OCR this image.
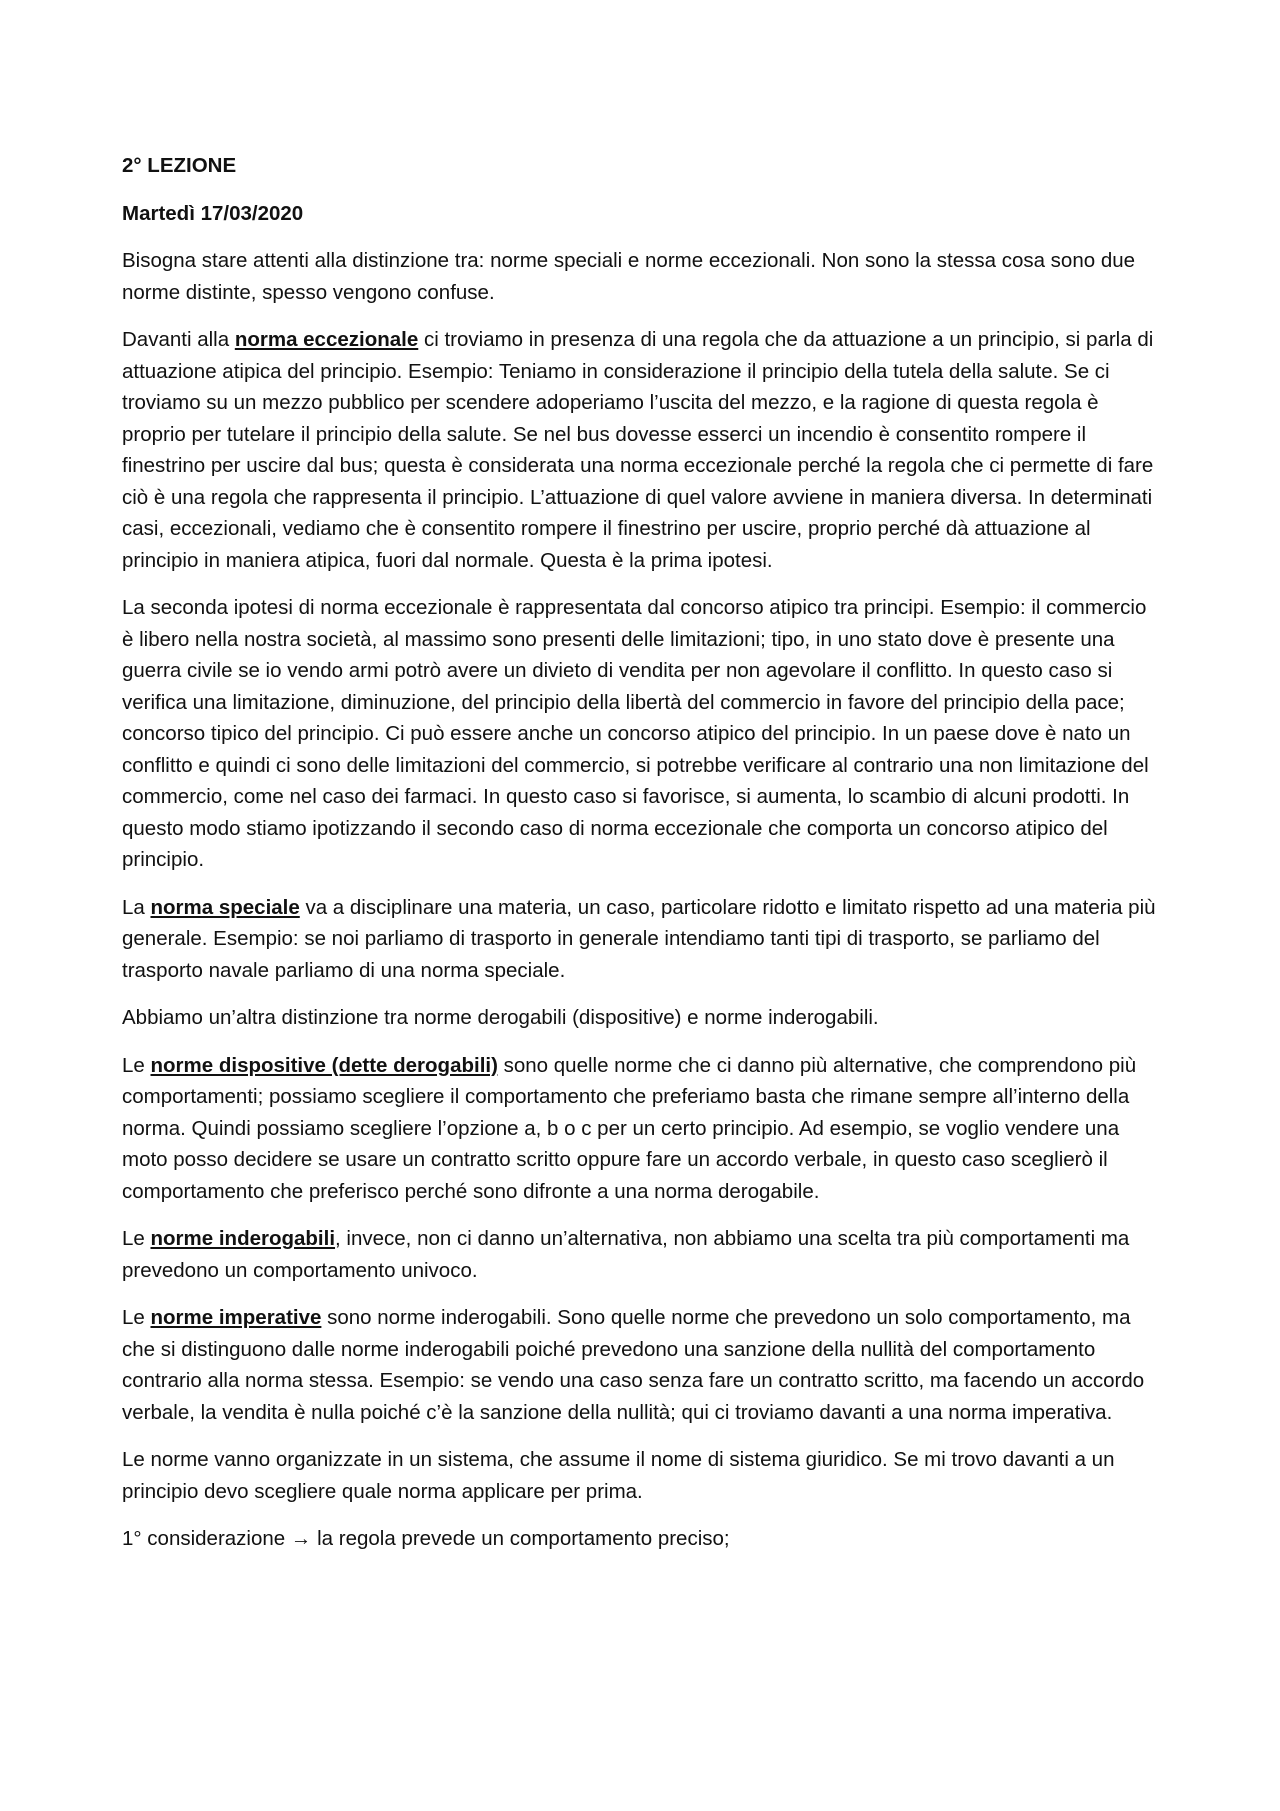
2° LEZIONE

Martedì 17/03/2020

Bisogna stare attenti alla distinzione tra: norme speciali e norme eccezionali. Non sono la stessa cosa sono due norme distinte, spesso vengono confuse.

Davanti alla norma eccezionale ci troviamo in presenza di una regola che da attuazione a un principio, si parla di attuazione atipica del principio. Esempio: Teniamo in considerazione il principio della tutela della salute. Se ci troviamo su un mezzo pubblico per scendere adoperiamo l’uscita del mezzo, e la ragione di questa regola è proprio per tutelare il principio della salute. Se nel bus dovesse esserci un incendio è consentito rompere il finestrino per uscire dal bus; questa è considerata una norma eccezionale perché la regola che ci permette di fare ciò è una regola che rappresenta il principio. L’attuazione di quel valore avviene in maniera diversa. In determinati casi, eccezionali, vediamo che è consentito rompere il finestrino per uscire, proprio perché dà attuazione al principio in maniera atipica, fuori dal normale. Questa è la prima ipotesi.

La seconda ipotesi di norma eccezionale è rappresentata dal concorso atipico tra principi. Esempio: il commercio è libero nella nostra società, al massimo sono presenti delle limitazioni; tipo, in uno stato dove è presente una guerra civile se io vendo armi potrò avere un divieto di vendita per non agevolare il conflitto. In questo caso si verifica una limitazione, diminuzione, del principio della libertà del commercio in favore del principio della pace; concorso tipico del principio. Ci può essere anche un concorso atipico del principio. In un paese dove è nato un conflitto e quindi ci sono delle limitazioni del commercio, si potrebbe verificare al contrario una non limitazione del commercio, come nel caso dei farmaci. In questo caso si favorisce, si aumenta, lo scambio di alcuni prodotti. In questo modo stiamo ipotizzando il secondo caso di norma eccezionale che comporta un concorso atipico del principio.

La norma speciale va a disciplinare una materia, un caso, particolare ridotto e limitato rispetto ad una materia più generale. Esempio: se noi parliamo di trasporto in generale intendiamo tanti tipi di trasporto, se parliamo del trasporto navale parliamo di una norma speciale.

Abbiamo un’altra distinzione tra norme derogabili (dispositive) e norme inderogabili.

Le norme dispositive (dette derogabili) sono quelle norme che ci danno più alternative, che comprendono più comportamenti; possiamo scegliere il comportamento che preferiamo basta che rimane sempre all’interno della norma. Quindi possiamo scegliere l’opzione a, b o c per un certo principio. Ad esempio, se voglio vendere una moto posso decidere se usare un contratto scritto oppure fare un accordo verbale, in questo caso sceglierò il comportamento che preferisco perché sono difronte a una norma derogabile.

Le norme inderogabili, invece, non ci danno un’alternativa, non abbiamo una scelta tra più comportamenti ma prevedono un comportamento univoco.

Le norme imperative sono norme inderogabili. Sono quelle norme che prevedono un solo comportamento, ma che si distinguono dalle norme inderogabili poiché prevedono una sanzione della nullità del comportamento contrario alla norma stessa. Esempio: se vendo una caso senza fare un contratto scritto, ma facendo un accordo verbale, la vendita è nulla poiché c’è la sanzione della nullità; qui ci troviamo davanti a una norma imperativa.

Le norme vanno organizzate in un sistema, che assume il nome di sistema giuridico. Se mi trovo davanti a un principio devo scegliere quale norma applicare per prima.

1° considerazione → la regola prevede un comportamento preciso;
